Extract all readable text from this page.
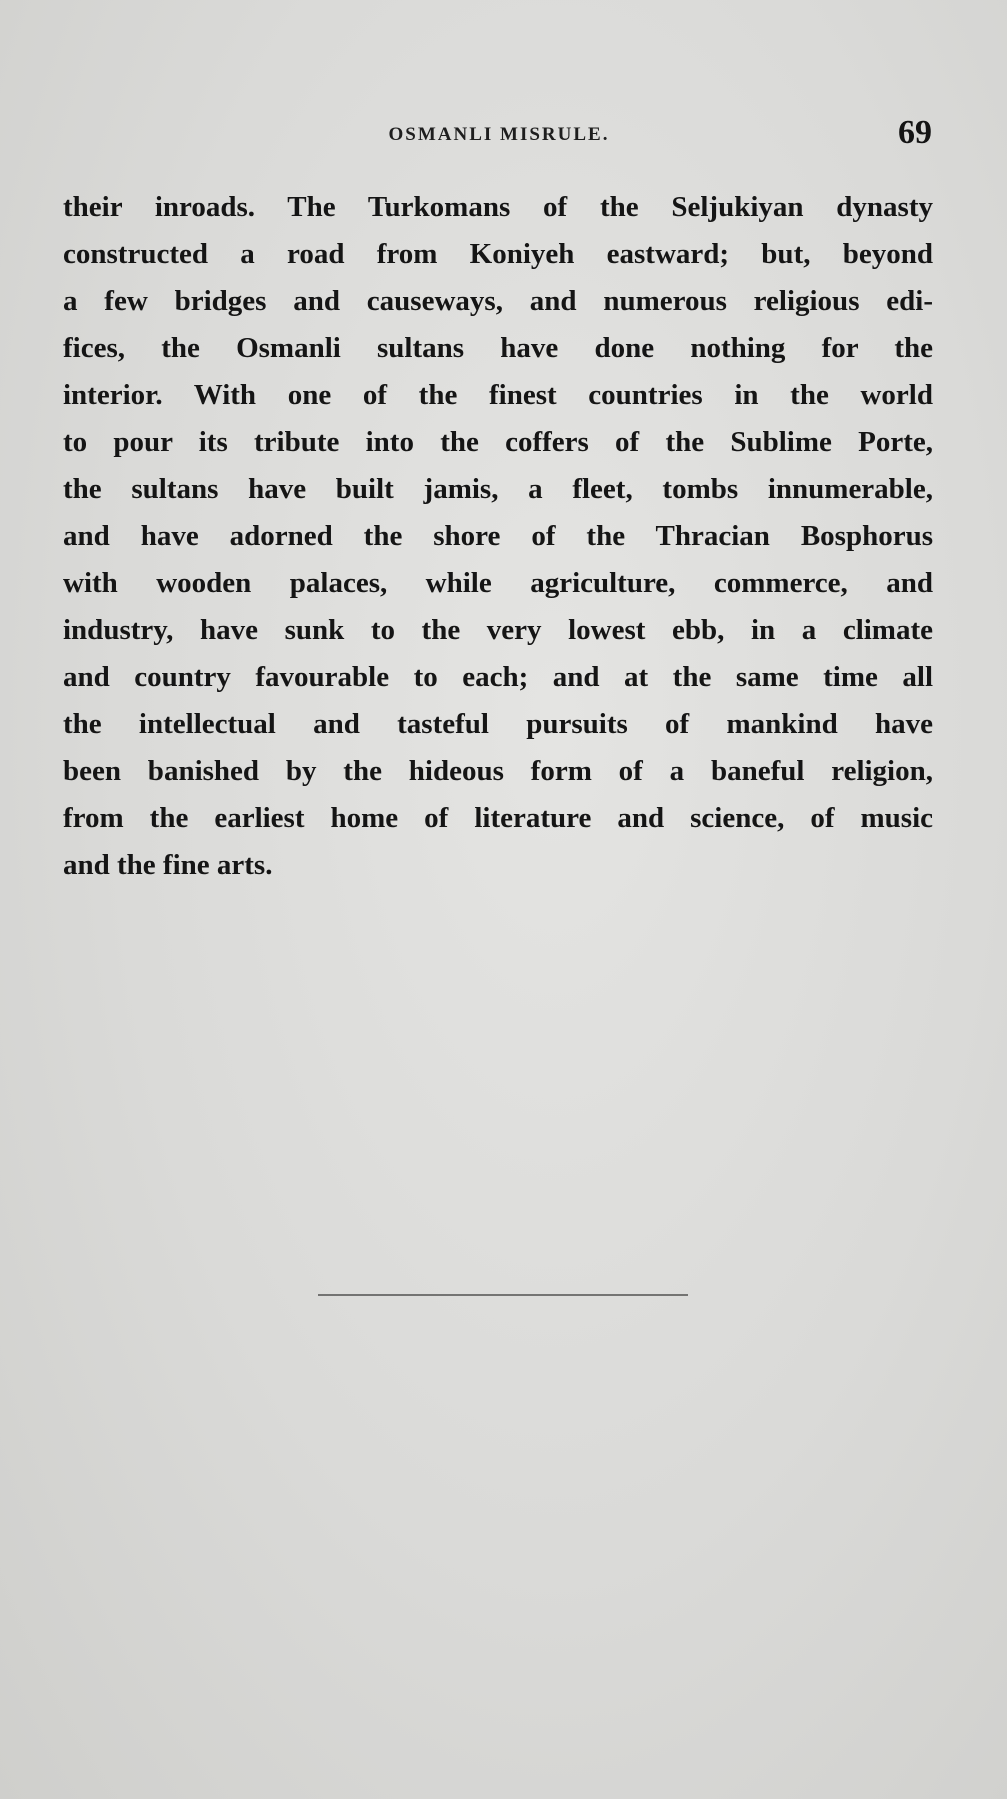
OSMANLI MISRULE.	69
their inroads. The Turkomans of the Seljukiyan dynasty
constructed a road from Koniyeh eastward; but, beyond
a few bridges and causeways, and numerous religious edi-
fices, the Osmanli sultans have done nothing for the
interior. With one of the finest countries in the world
to pour its tribute into the coffers of the Sublime Porte,
the sultans have built jamis, a fleet, tombs innumerable,
and have adorned the shore of the Thracian Bosphorus
with wooden palaces, while agriculture, commerce, and
industry, have sunk to the very lowest ebb, in a climate
and country favourable to each; and at the same time all
the intellectual and tasteful pursuits of mankind have
been banished by the hideous form of a baneful religion,
from the earliest home of literature and science, of music
and the fine arts.
